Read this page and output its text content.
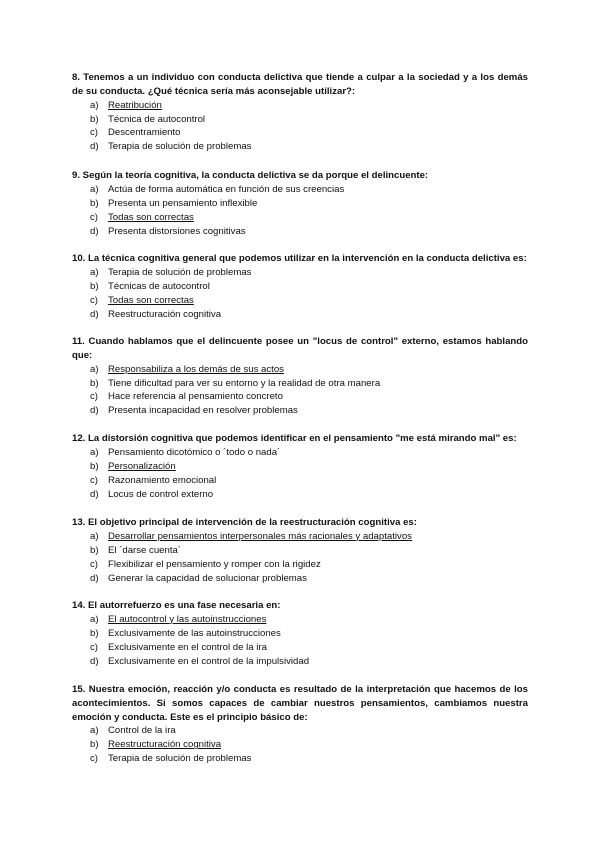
8. Tenemos a un individuo con conducta delictiva que tiende a culpar a la sociedad y a los demás de su conducta. ¿Qué técnica sería más aconsejable utilizar?:

a) Reatribución
b) Técnica de autocontrol
c) Descentramiento
d) Terapia de solución de problemas

9. Según la teoría cognitiva, la conducta delictiva se da porque el delincuente:

a) Actúa de forma automática en función de sus creencias
b) Presenta un pensamiento inflexible
c) Todas son correctas
d) Presenta distorsiones cognitivas

10. La técnica cognitiva general que podemos utilizar en la intervención en la conducta delictiva es:

a) Terapia de solución de problemas
b) Técnicas de autocontrol
c) Todas son correctas
d) Reestructuración cognitiva

11. Cuando hablamos que el delincuente posee un "locus de control" externo, estamos hablando que:

a) Responsabiliza a los demás de sus actos
b) Tiene dificultad para ver su entorno y la realidad de otra manera
c) Hace referencia al pensamiento concreto
d) Presenta incapacidad en resolver problemas

12. La distorsión cognitiva que podemos identificar en el pensamiento "me está mirando mal" es:

a) Pensamiento dicotómico o ´todo o nada´
b) Personalización
c) Razonamiento emocional
d) Locus de control externo

13. El objetivo principal de intervención de la reestructuración cognitiva es:

a) Desarrollar pensamientos interpersonales más racionales y adaptativos
b) El ´darse cuenta´
c) Flexibilizar el pensamiento y romper con la rigidez
d) Generar la capacidad de solucionar problemas

14. El autorrefuerzo es una fase necesaria en:

a) El autocontrol y las autoinstrucciones
b) Exclusivamente de las autoinstrucciones
c) Exclusivamente en el control de la ira
d) Exclusivamente en el control de la impulsividad

15. Nuestra emoción, reacción y/o conducta es resultado de la interpretación que hacemos de los acontecimientos. Si somos capaces de cambiar nuestros pensamientos, cambiamos nuestra emoción y conducta. Este es el principio básico de:

a) Control de la ira
b) Reestructuración cognitiva
c) Terapia de solución de problemas
